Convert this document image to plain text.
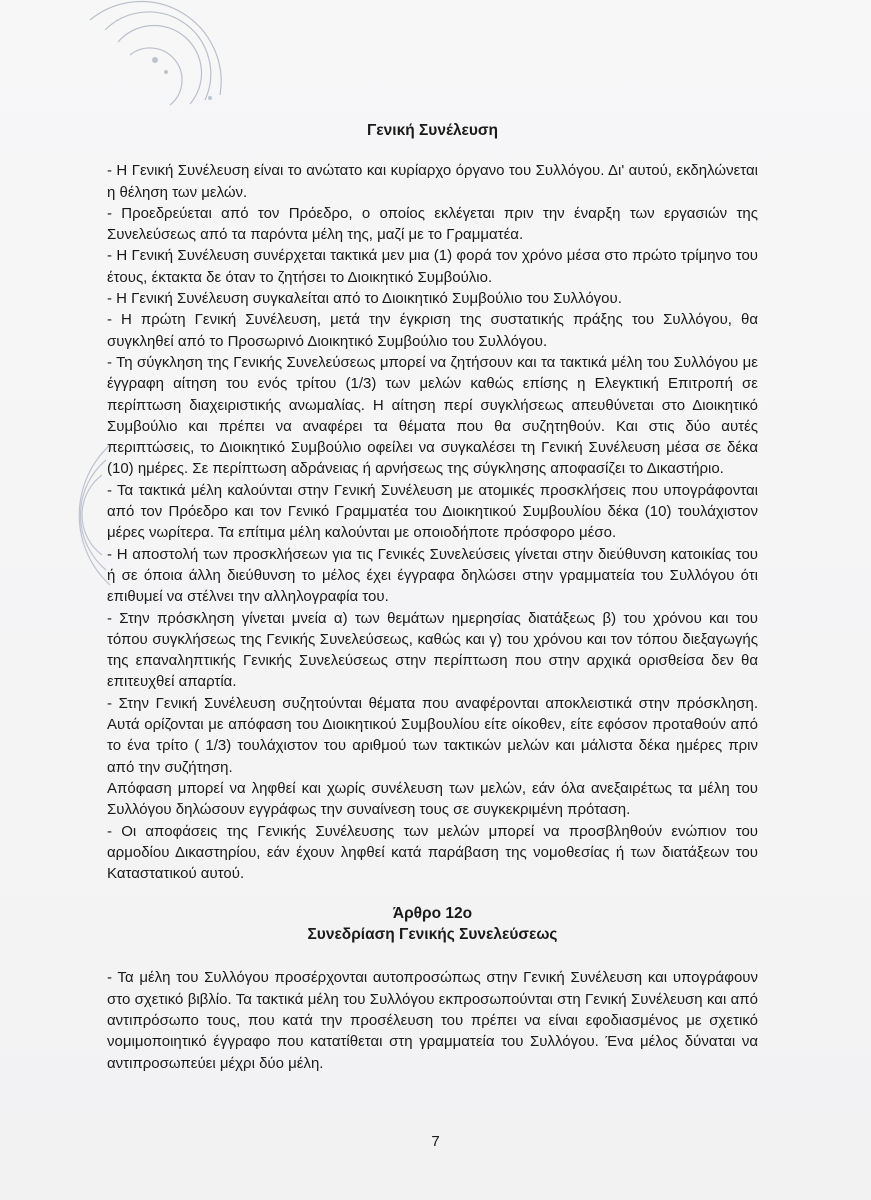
Γενική Συνέλευση

- Η Γενική Συνέλευση είναι το ανώτατο και κυρίαρχο όργανο του Συλλόγου. Δι' αυτού, εκδηλώνεται η θέληση των μελών.

- Προεδρεύεται από τον Πρόεδρο, ο οποίος εκλέγεται πριν την έναρξη των εργασιών της Συνελεύσεως από τα παρόντα μέλη της, μαζί με το Γραμματέα.

- Η Γενική Συνέλευση συνέρχεται τακτικά μεν μια (1) φορά τον χρόνο μέσα στο πρώτο τρίμηνο του έτους, έκτακτα δε όταν το ζητήσει το Διοικητικό Συμβούλιο.

- Η Γενική Συνέλευση συγκαλείται από το Διοικητικό Συμβούλιο του Συλλόγου.

- Η πρώτη Γενική Συνέλευση, μετά την έγκριση της συστατικής πράξης του Συλλόγου, θα συγκληθεί από το Προσωρινό Διοικητικό Συμβούλιο του Συλλόγου.

- Τη σύγκληση της Γενικής Συνελεύσεως μπορεί να ζητήσουν και τα τακτικά μέλη του Συλλόγου με έγγραφη αίτηση του ενός τρίτου (1/3) των μελών καθώς επίσης η Ελεγκτική Επιτροπή σε περίπτωση διαχειριστικής ανωμαλίας. Η αίτηση περί συγκλήσεως απευθύνεται στο Διοικητικό Συμβούλιο και πρέπει να αναφέρει τα θέματα που θα συζητηθούν. Και στις δύο αυτές περιπτώσεις, το Διοικητικό Συμβούλιο οφείλει να συγκαλέσει τη Γενική Συνέλευση μέσα σε δέκα (10) ημέρες. Σε περίπτωση αδράνειας ή αρνήσεως της σύγκλησης αποφασίζει το Δικαστήριο.

- Τα τακτικά μέλη καλούνται στην Γενική Συνέλευση με ατομικές προσκλήσεις που υπογράφονται από τον Πρόεδρο και τον Γενικό Γραμματέα του Διοικητικού Συμβουλίου δέκα (10) τουλάχιστον μέρες νωρίτερα. Τα επίτιμα μέλη καλούνται με οποιοδήποτε πρόσφορο μέσο.

- Η αποστολή των προσκλήσεων για τις Γενικές Συνελεύσεις γίνεται στην διεύθυνση κατοικίας του ή σε όποια άλλη διεύθυνση το μέλος έχει έγγραφα δηλώσει στην γραμματεία του Συλλόγου ότι επιθυμεί να στέλνει την αλληλογραφία του.

- Στην πρόσκληση γίνεται μνεία α) των θεμάτων ημερησίας διατάξεως β) του χρόνου και του τόπου συγκλήσεως της Γενικής Συνελεύσεως, καθώς και γ) του χρόνου και τον τόπου διεξαγωγής της επαναληπτικής Γενικής Συνελεύσεως στην περίπτωση που στην αρχικά ορισθείσα δεν θα επιτευχθεί απαρτία.

- Στην Γενική Συνέλευση συζητούνται θέματα που αναφέρονται αποκλειστικά στην πρόσκληση. Αυτά ορίζονται με απόφαση του Διοικητικού Συμβουλίου είτε οίκοθεν, είτε εφόσον προταθούν από το ένα τρίτο ( 1/3) τουλάχιστον του αριθμού των τακτικών μελών και μάλιστα δέκα ημέρες πριν από την συζήτηση.

Απόφαση μπορεί να ληφθεί και χωρίς συνέλευση των μελών, εάν όλα ανεξαιρέτως τα μέλη του Συλλόγου δηλώσουν εγγράφως την συναίνεση τους σε συγκεκριμένη πρόταση.

- Οι αποφάσεις της Γενικής Συνέλευσης των μελών μπορεί να προσβληθούν ενώπιον του αρμοδίου Δικαστηρίου, εάν έχουν ληφθεί κατά παράβαση της νομοθεσίας ή των διατάξεων του Καταστατικού αυτού.

Άρθρο 12ο
Συνεδρίαση Γενικής Συνελεύσεως

- Τα μέλη του Συλλόγου προσέρχονται αυτοπροσώπως στην Γενική Συνέλευση και υπογράφουν στο σχετικό βιβλίο. Τα τακτικά μέλη του Συλλόγου εκπροσωπούνται στη Γενική Συνέλευση και από αντιπρόσωπο τους, που κατά την προσέλευση του πρέπει να είναι εφοδιασμένος με σχετικό νομιμοποιητικό έγγραφο που κατατίθεται στη γραμματεία του Συλλόγου. Ένα μέλος δύναται να αντιπροσωπεύει μέχρι δύο μέλη.

7
